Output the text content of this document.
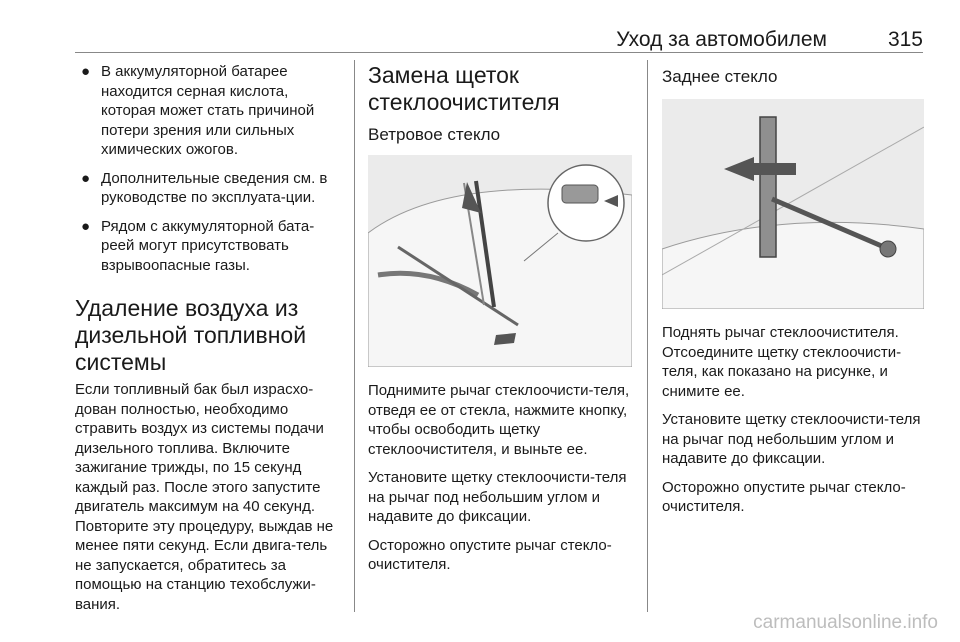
Уход за автомобилем	315
● В аккумуляторной батарее находится серная кислота, которая может стать причиной потери зрения или сильных химических ожогов.
● Дополнительные сведения см. в руководстве по эксплуата-ции.
● Рядом с аккумуляторной бата-реей могут присутствовать взрывоопасные газы.
Удаление воздуха из дизельной топливной системы

Если топливный бак был израсхо-дован полностью, необходимо стравить воздух из системы подачи дизельного топлива. Включите зажигание трижды, по 15 секунд каждый раз. После этого запустите двигатель максимум на 40 секунд. Повторите эту процедуру, выждав не менее пяти секунд. Если двига-тель не запускается, обратитесь за помощью на станцию техобслужи-вания.

Замена щеток стеклоочистителя
Ветровое стекло

Поднимите рычаг стеклоочисти-теля, отведя ее от стекла, нажмите кнопку, чтобы освободить щетку стеклоочистителя, и выньте ее.

Установите щетку стеклоочисти-теля на рычаг под небольшим углом и надавите до фиксации.

Осторожно опустите рычаг стекло-очистителя.

Заднее стекло

Поднять рычаг стеклоочистителя. Отсоедините щетку стеклоочисти-теля, как показано на рисунке, и снимите ее.

Установите щетку стеклоочисти-теля на рычаг под небольшим углом и надавите до фиксации.

Осторожно опустите рычаг стекло-очистителя.

carmanualsonline.info
